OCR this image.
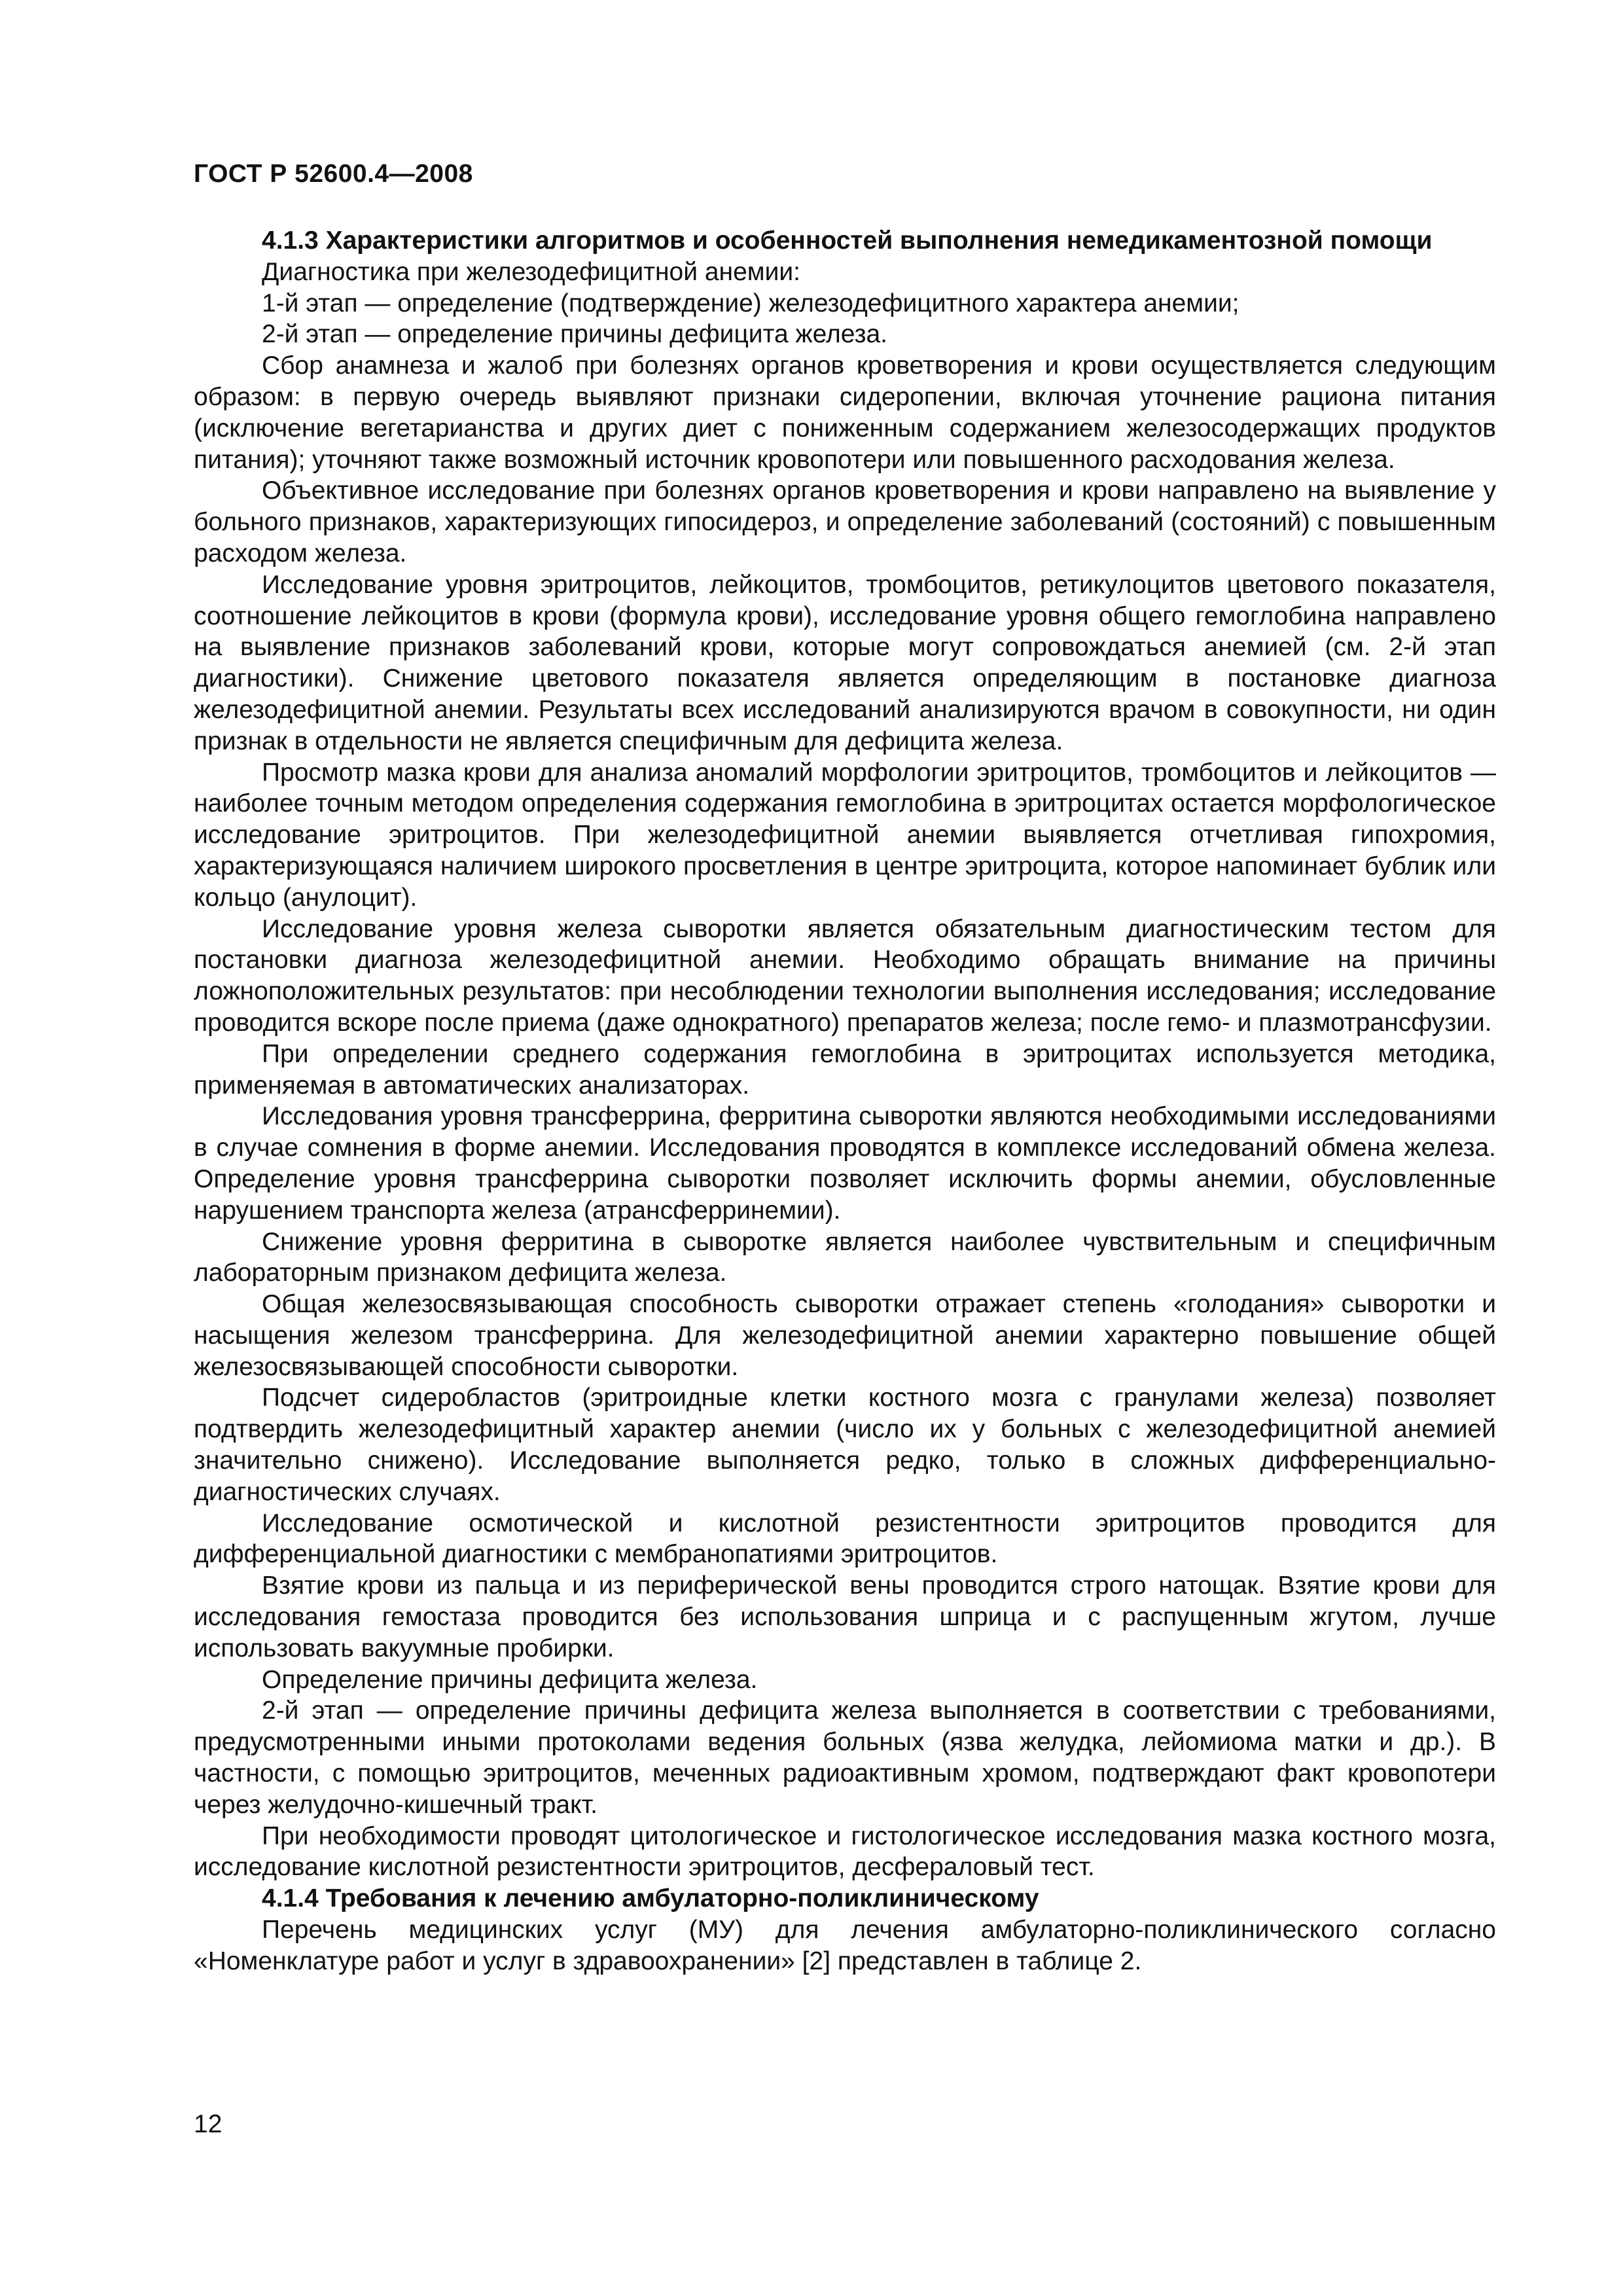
ГОСТ Р 52600.4—2008

4.1.3 Характеристики алгоритмов и особенностей выполнения немедикаментозной помощи

Диагностика при железодефицитной анемии:

1-й этап — определение (подтверждение) железодефицитного характера анемии;

2-й этап — определение причины дефицита железа.

Сбор анамнеза и жалоб при болезнях органов кроветворения и крови осуществляется следующим образом: в первую очередь выявляют признаки сидеропении, включая уточнение рациона питания (исключение вегетарианства и других диет с пониженным содержанием железосодержащих продуктов питания); уточняют также возможный источник кровопотери или повышенного расходования железа.

Объективное исследование при болезнях органов кроветворения и крови направлено на выявление у больного признаков, характеризующих гипосидероз, и определение заболеваний (состояний) с повышенным расходом железа.

Исследование уровня эритроцитов, лейкоцитов, тромбоцитов, ретикулоцитов цветового показателя, соотношение лейкоцитов в крови (формула крови), исследование уровня общего гемоглобина направлено на выявление признаков заболеваний крови, которые могут сопровождаться анемией (см. 2-й этап диагностики). Снижение цветового показателя является определяющим в постановке диагноза железодефицитной анемии. Результаты всех исследований анализируются врачом в совокупности, ни один признак в отдельности не является специфичным для дефицита железа.

Просмотр мазка крови для анализа аномалий морфологии эритроцитов, тромбоцитов и лейкоцитов — наиболее точным методом определения содержания гемоглобина в эритроцитах остается морфологическое исследование эритроцитов. При железодефицитной анемии выявляется отчетливая гипохромия, характеризующаяся наличием широкого просветления в центре эритроцита, которое напоминает бублик или кольцо (анулоцит).

Исследование уровня железа сыворотки является обязательным диагностическим тестом для постановки диагноза железодефицитной анемии. Необходимо обращать внимание на причины ложноположительных результатов: при несоблюдении технологии выполнения исследования; исследование проводится вскоре после приема (даже однократного) препаратов железа; после гемо- и плазмотрансфузии.

При определении среднего содержания гемоглобина в эритроцитах используется методика, применяемая в автоматических анализаторах.

Исследования уровня трансферрина, ферритина сыворотки являются необходимыми исследованиями в случае сомнения в форме анемии. Исследования проводятся в комплексе исследований обмена железа. Определение уровня трансферрина сыворотки позволяет исключить формы анемии, обусловленные нарушением транспорта железа (атрансферринемии).

Снижение уровня ферритина в сыворотке является наиболее чувствительным и специфичным лабораторным признаком дефицита железа.

Общая железосвязывающая способность сыворотки отражает степень «голодания» сыворотки и насыщения железом трансферрина. Для железодефицитной анемии характерно повышение общей железосвязывающей способности сыворотки.

Подсчет сидеробластов (эритроидные клетки костного мозга с гранулами железа) позволяет подтвердить железодефицитный характер анемии (число их у больных с железодефицитной анемией значительно снижено). Исследование выполняется редко, только в сложных дифференциально-диагностических случаях.

Исследование осмотической и кислотной резистентности эритроцитов проводится для дифференциальной диагностики с мембранопатиями эритроцитов.

Взятие крови из пальца и из периферической вены проводится строго натощак. Взятие крови для исследования гемостаза проводится без использования шприца и с распущенным жгутом, лучше использовать вакуумные пробирки.

Определение причины дефицита железа.

2-й этап — определение причины дефицита железа выполняется в соответствии с требованиями, предусмотренными иными протоколами ведения больных (язва желудка, лейомиома матки и др.). В частности, с помощью эритроцитов, меченных радиоактивным хромом, подтверждают факт кровопотери через желудочно-кишечный тракт.

При необходимости проводят цитологическое и гистологическое исследования мазка костного мозга, исследование кислотной резистентности эритроцитов, десфераловый тест.

4.1.4 Требования к лечению амбулаторно-поликлиническому

Перечень медицинских услуг (МУ) для лечения амбулаторно-поликлинического согласно «Номенклатуре работ и услуг в здравоохранении» [2] представлен в таблице 2.

12
